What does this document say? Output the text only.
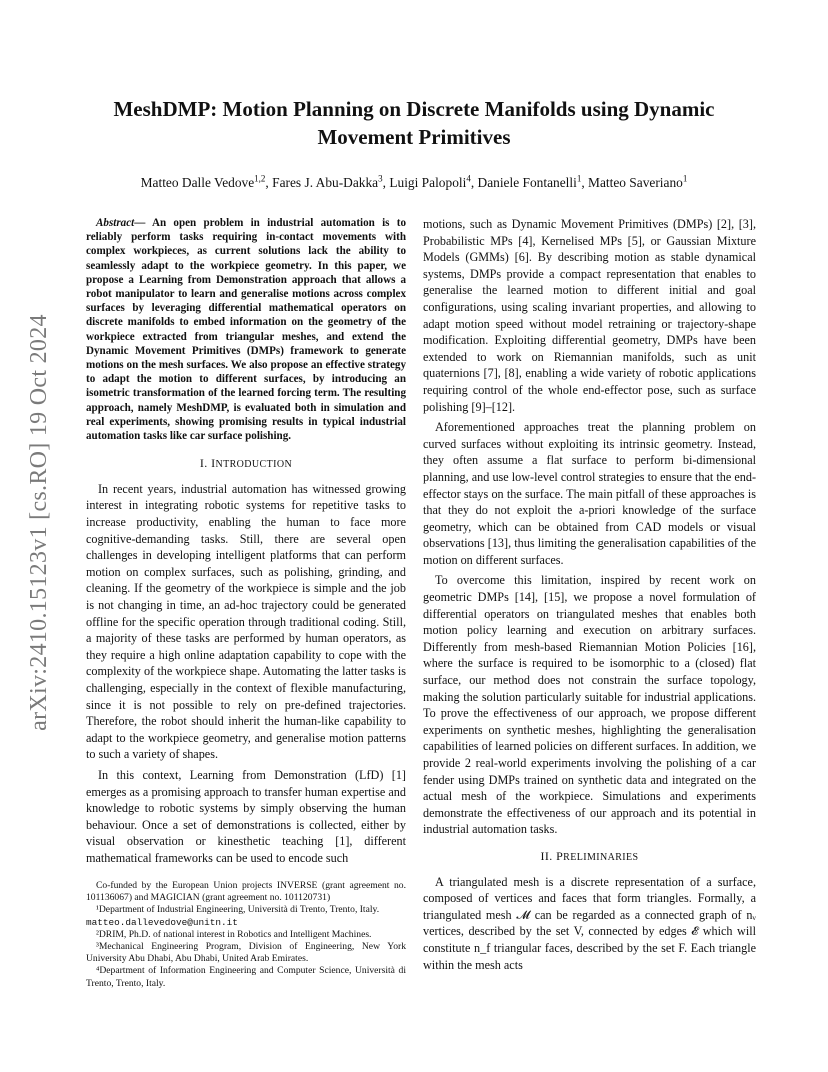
arXiv:2410.15123v1 [cs.RO] 19 Oct 2024
MeshDMP: Motion Planning on Discrete Manifolds using Dynamic Movement Primitives
Matteo Dalle Vedove$^{1,2}$, Fares J. Abu-Dakka$^3$, Luigi Palopoli$^4$, Daniele Fontanelli$^1$, Matteo Saveriano$^1$

Abstract— An open problem in industrial automation is to reliably perform tasks requiring in-contact movements with complex workpieces, as current solutions lack the ability to seamlessly adapt to the workpiece geometry. In this paper, we propose a Learning from Demonstration approach that allows a robot manipulator to learn and generalise motions across complex surfaces by leveraging differential mathematical operators on discrete manifolds to embed information on the geometry of the workpiece extracted from triangular meshes, and extend the Dynamic Movement Primitives (DMPs) framework to generate motions on the mesh surfaces. We also propose an effective strategy to adapt the motion to different surfaces, by introducing an isometric transformation of the learned forcing term. The resulting approach, namely MeshDMP, is evaluated both in simulation and real experiments, showing promising results in typical industrial automation tasks like car surface polishing.

I. INTRODUCTION

In recent years, industrial automation has witnessed growing interest in integrating robotic systems for repetitive tasks to increase productivity, enabling the human to face more cognitive-demanding tasks. Still, there are several open challenges in developing intelligent platforms that can perform motion on complex surfaces, such as polishing, grinding, and cleaning. If the geometry of the workpiece is simple and the job is not changing in time, an ad-hoc trajectory could be generated offline for the specific operation through traditional coding. Still, a majority of these tasks are performed by human operators, as they require a high online adaptation capability to cope with the complexity of the workpiece shape. Automating the latter tasks is challenging, especially in the context of flexible manufacturing, since it is not possible to rely on pre-defined trajectories. Therefore, the robot should inherit the human-like capability to adapt to the workpiece geometry, and generalise motion patterns to such a variety of shapes.

In this context, Learning from Demonstration (LfD) [1] emerges as a promising approach to transfer human expertise and knowledge to robotic systems by simply observing the human behaviour. Once a set of demonstrations is collected, either by visual observation or kinesthetic teaching [1], different mathematical frameworks can be used to encode such

Co-funded by the European Union projects INVERSE (grant agreement no. 101136067) and MAGICIAN (grant agreement no. 101120731)

¹Department of Industrial Engineering, Università di Trento, Trento, Italy.

matteo.dallevedove@unitn.it

²DRIM, Ph.D. of national interest in Robotics and Intelligent Machines.

³Mechanical Engineering Program, Division of Engineering, New York University Abu Dhabi, Abu Dhabi, United Arab Emirates.

⁴Department of Information Engineering and Computer Science, Università di Trento, Trento, Italy.

motions, such as Dynamic Movement Primitives (DMPs) [2], [3], Probabilistic MPs [4], Kernelised MPs [5], or Gaussian Mixture Models (GMMs) [6]. By describing motion as stable dynamical systems, DMPs provide a compact representation that enables to generalise the learned motion to different initial and goal configurations, using scaling invariant properties, and allowing to adapt motion speed without model retraining or trajectory-shape modification. Exploiting differential geometry, DMPs have been extended to work on Riemannian manifolds, such as unit quaternions [7], [8], enabling a wide variety of robotic applications requiring control of the whole end-effector pose, such as surface polishing [9]–[12].

Aforementioned approaches treat the planning problem on curved surfaces without exploiting its intrinsic geometry. Instead, they often assume a flat surface to perform bi-dimensional planning, and use low-level control strategies to ensure that the end-effector stays on the surface. The main pitfall of these approaches is that they do not exploit the a-priori knowledge of the surface geometry, which can be obtained from CAD models or visual observations [13], thus limiting the generalisation capabilities of the motion on different surfaces.

To overcome this limitation, inspired by recent work on geometric DMPs [14], [15], we propose a novel formulation of differential operators on triangulated meshes that enables both motion policy learning and execution on arbitrary surfaces. Differently from mesh-based Riemannian Motion Policies [16], where the surface is required to be isomorphic to a (closed) flat surface, our method does not constrain the surface topology, making the solution particularly suitable for industrial applications. To prove the effectiveness of our approach, we propose different experiments on synthetic meshes, highlighting the generalisation capabilities of learned policies on different surfaces. In addition, we provide 2 real-world experiments involving the polishing of a car fender using DMPs trained on synthetic data and integrated on the actual mesh of the workpiece. Simulations and experiments demonstrate the effectiveness of our approach and its potential in industrial automation tasks.

II. PRELIMINARIES

A triangulated mesh is a discrete representation of a surface, composed of vertices and faces that form triangles. Formally, a triangulated mesh 𝓜 can be regarded as a connected graph of nᵥ vertices, described by the set V, connected by edges 𝓔 which will constitute n_f triangular faces, described by the set F. Each triangle within the mesh acts
